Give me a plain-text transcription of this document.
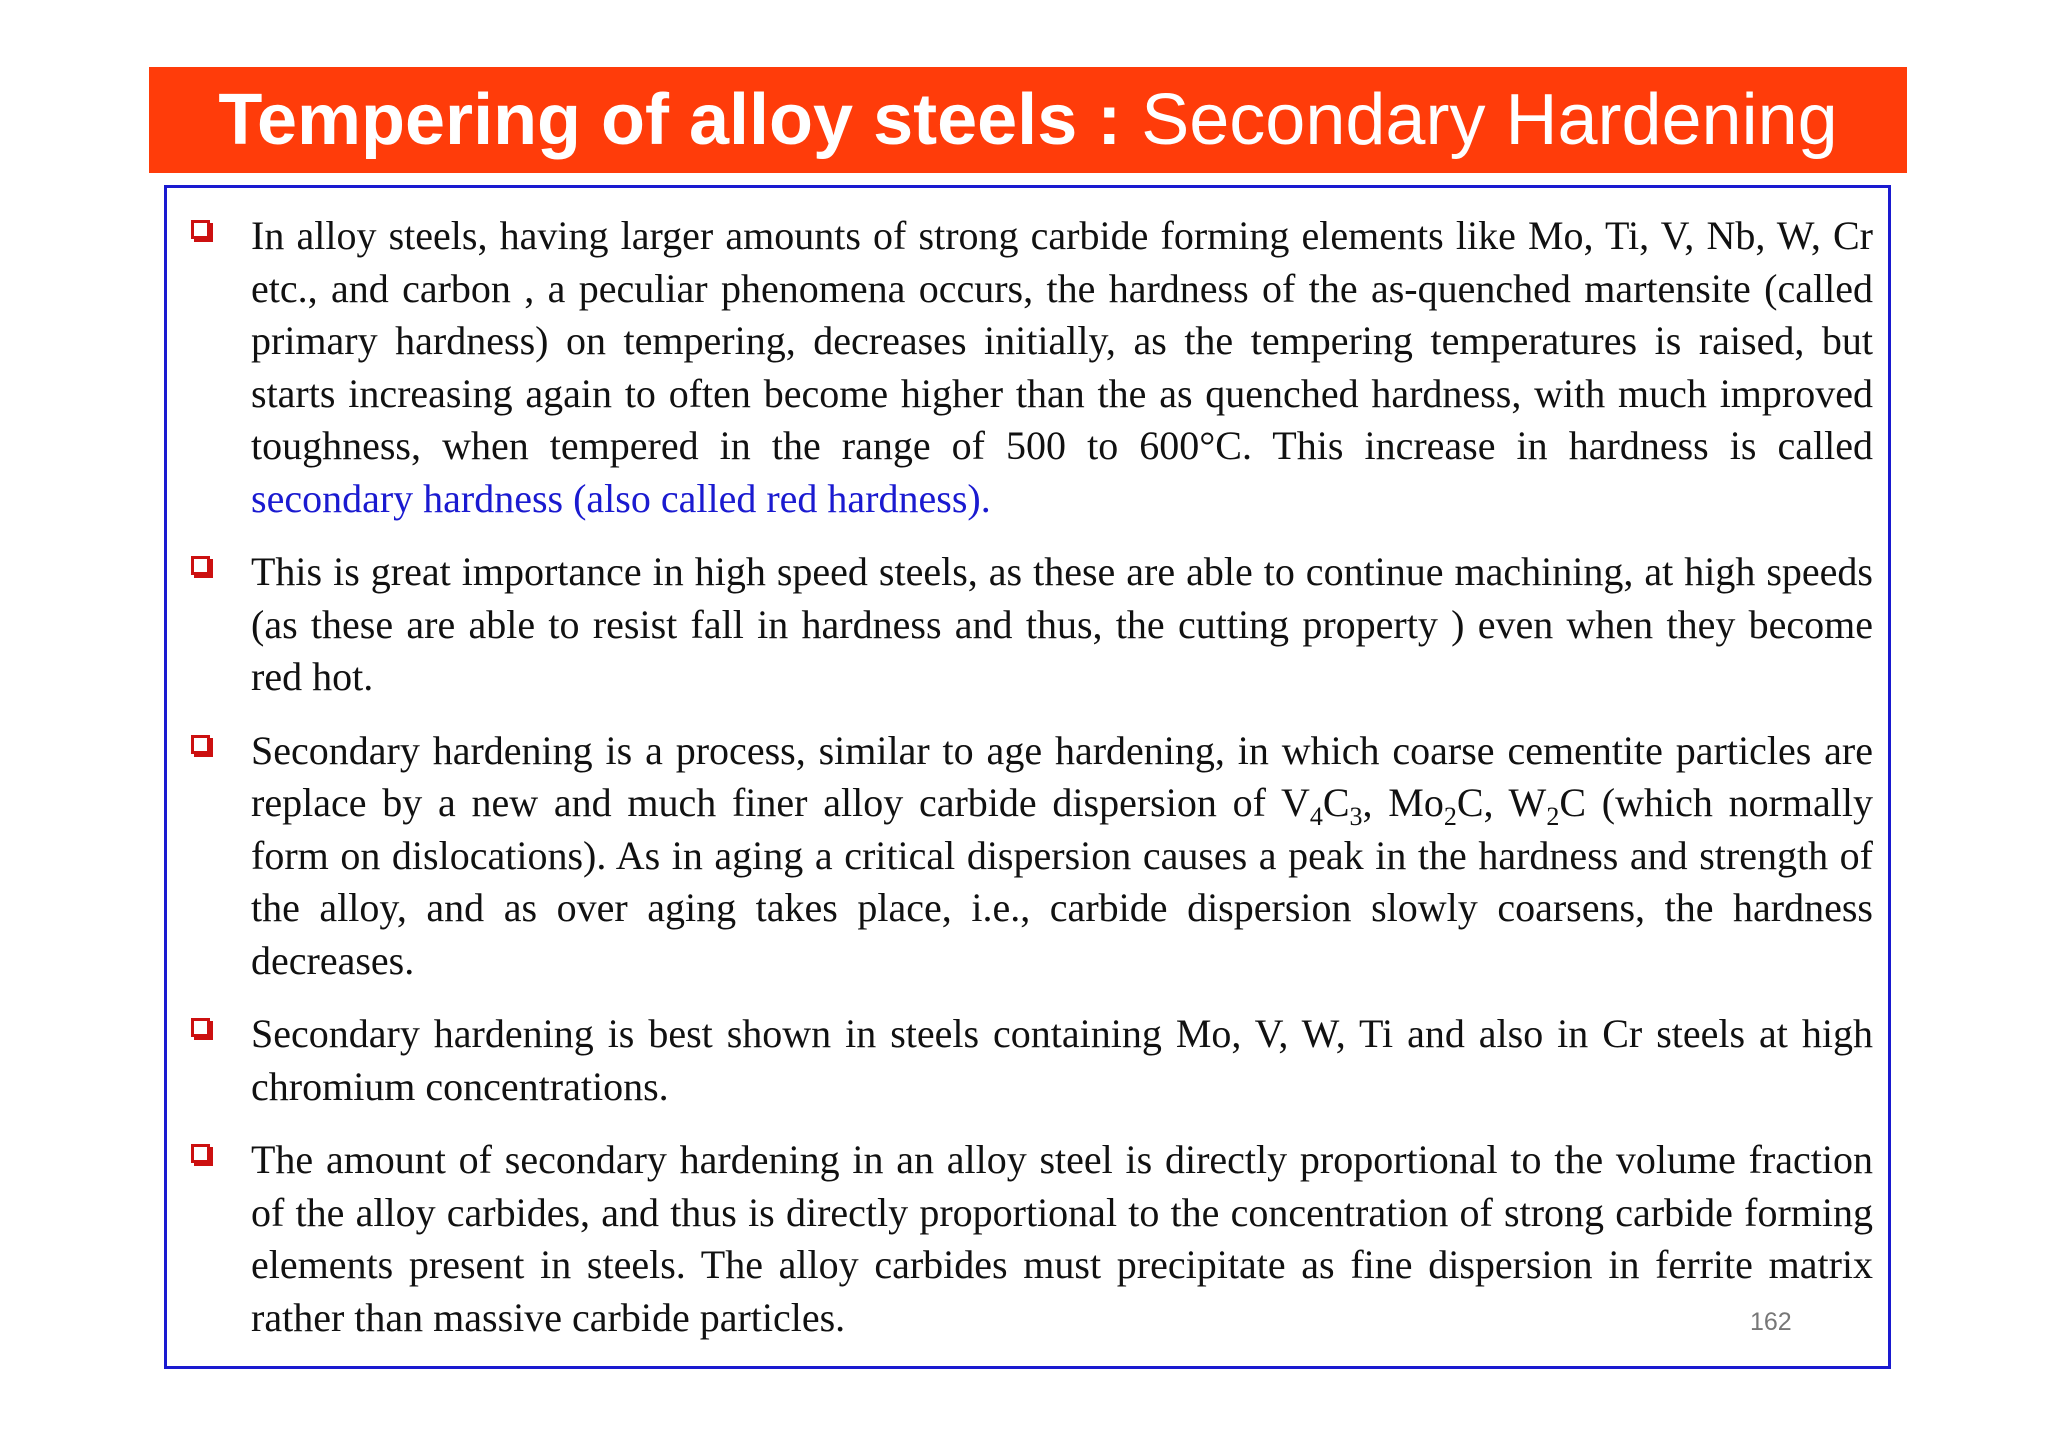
Tempering of alloy steels : Secondary Hardening
In alloy steels, having larger amounts of strong carbide forming elements like Mo, Ti, V, Nb, W, Cr etc., and carbon , a peculiar phenomena occurs, the hardness of the as-quenched martensite (called primary hardness) on tempering, decreases initially, as the tempering temperatures is raised, but starts increasing again to often become higher than the as quenched hardness, with much improved toughness, when tempered in the range of 500 to 600°C. This increase in hardness is called secondary hardness (also called red hardness).
This is great importance in high speed steels, as these are able to continue machining, at high speeds (as these are able to resist fall in hardness and thus, the cutting property ) even when they become red hot.
Secondary hardening is a process, similar to age hardening, in which coarse cementite particles are replace by a new and much finer alloy carbide dispersion of $V_4C_3$, $Mo_2C$, $W_2C$ (which normally form on dislocations). As in aging a critical dispersion causes a peak in the hardness and strength of the alloy, and as over aging takes place, i.e., carbide dispersion slowly coarsens, the hardness decreases.
Secondary hardening is best shown in steels containing Mo, V, W, Ti and also in Cr steels at high chromium concentrations.
The amount of secondary hardening in an alloy steel is directly proportional to the volume fraction of the alloy carbides, and thus is directly proportional to the concentration of strong carbide forming elements present in steels. The alloy carbides must precipitate as fine dispersion in ferrite matrix rather than massive carbide particles.	162
